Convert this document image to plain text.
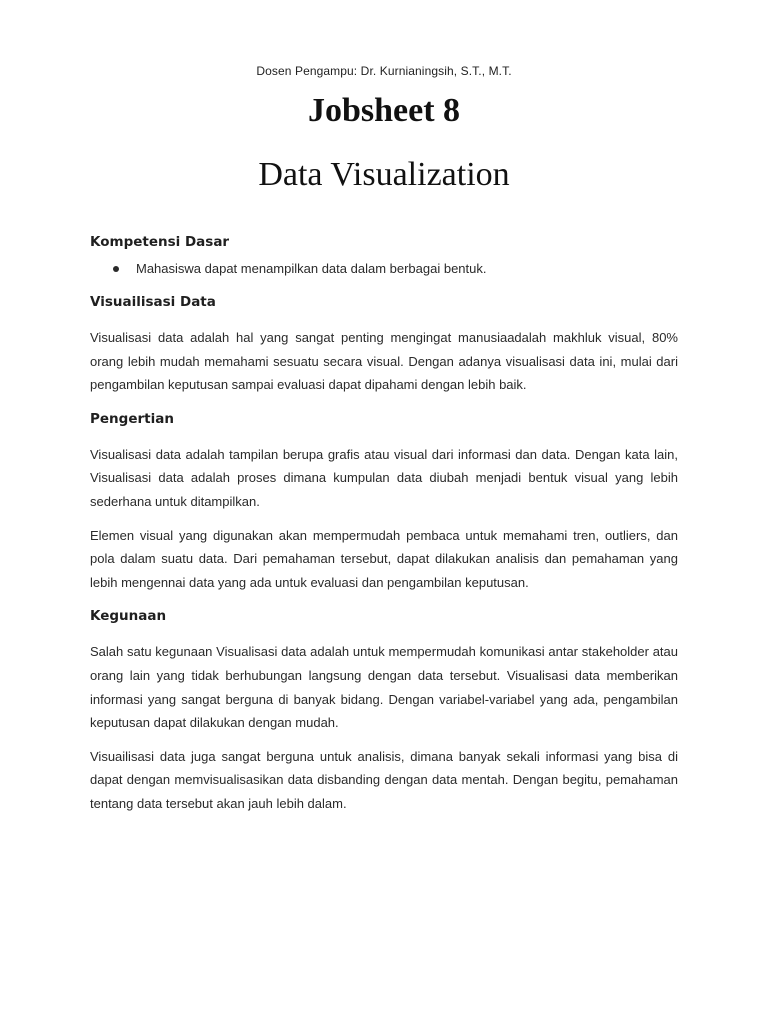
Dosen Pengampu: Dr. Kurnianingsih, S.T., M.T.
Jobsheet 8
Data Visualization
Kompetensi Dasar
Mahasiswa dapat menampilkan data dalam berbagai bentuk.
Visuailisasi Data

Visualisasi data adalah hal yang sangat penting mengingat manusiaadalah makhluk visual, 80% orang lebih mudah memahami sesuatu secara visual. Dengan adanya visualisasi data ini, mulai dari pengambilan keputusan sampai evaluasi dapat dipahami dengan lebih baik.

Pengertian

Visualisasi data adalah tampilan berupa grafis atau visual dari informasi dan data. Dengan kata lain, Visualisasi data adalah proses dimana kumpulan data diubah menjadi bentuk visual yang lebih sederhana untuk ditampilkan.

Elemen visual yang digunakan akan mempermudah pembaca untuk memahami tren, outliers, dan pola dalam suatu data. Dari pemahaman tersebut, dapat dilakukan analisis dan pemahaman yang lebih mengennai data yang ada untuk evaluasi dan pengambilan keputusan.

Kegunaan

Salah satu kegunaan Visualisasi data adalah untuk mempermudah komunikasi antar stakeholder atau orang lain yang tidak berhubungan langsung dengan data tersebut. Visualisasi data memberikan informasi yang sangat berguna di banyak bidang. Dengan variabel-variabel yang ada, pengambilan keputusan dapat dilakukan dengan mudah.

Visuailisasi data juga sangat berguna untuk analisis, dimana banyak sekali informasi yang bisa di dapat dengan memvisualisasikan data disbanding dengan data mentah. Dengan begitu, pemahaman tentang data tersebut akan jauh lebih dalam.
